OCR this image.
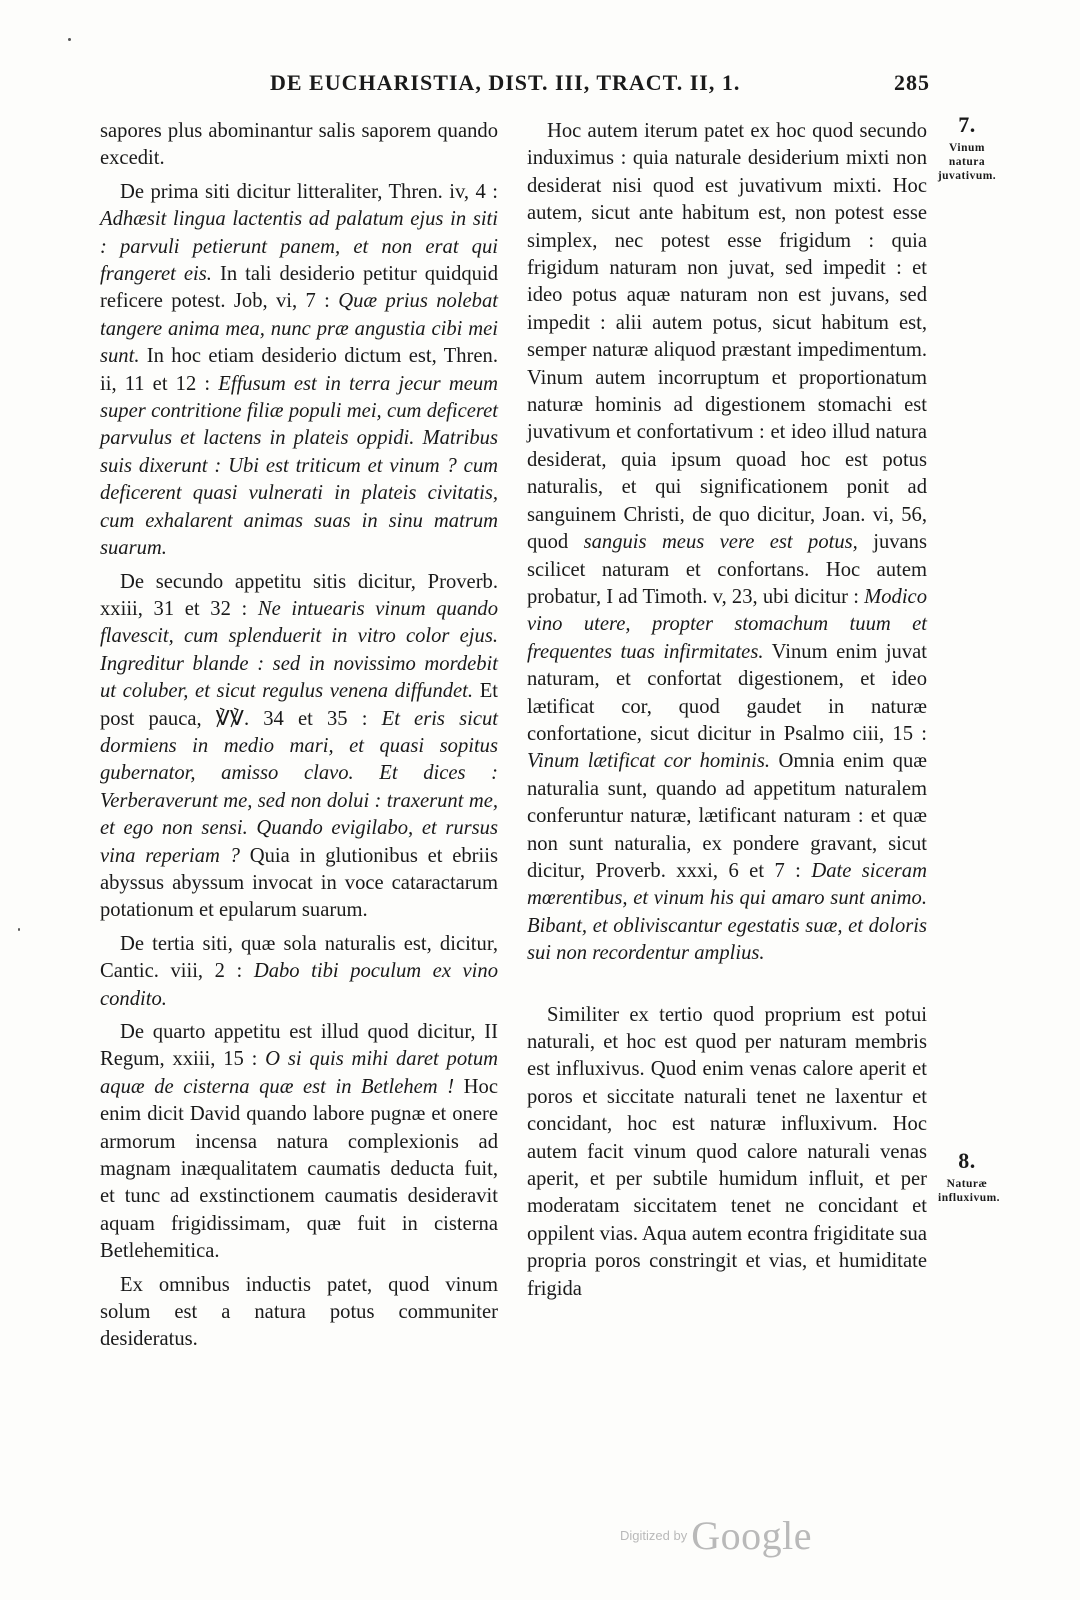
DE EUCHARISTIA, DIST. III, TRACT. II, 1.	285

sapores plus abominantur salis saporem quando excedit.

De prima siti dicitur litteraliter, Thren. iv, 4 : Adhæsit lingua lactentis ad palatum ejus in siti : parvuli petierunt panem, et non erat qui frangeret eis. In tali desiderio petitur quidquid reficere potest. Job, vi, 7 : Quæ prius nolebat tangere anima mea, nunc præ angustia cibi mei sunt. In hoc etiam desiderio dictum est, Thren. ii, 11 et 12 : Effusum est in terra jecur meum super contritione filiæ populi mei, cum deficeret parvulus et lactens in plateis oppidi. Matribus suis dixerunt : Ubi est triticum et vinum ? cum deficerent quasi vulnerati in plateis civitatis, cum exhalarent animas suas in sinu matrum suarum.

De secundo appetitu sitis dicitur, Proverb. xxiii, 31 et 32 : Ne intuearis vinum quando flavescit, cum splenduerit in vitro color ejus. Ingreditur blande : sed in novissimo mordebit ut coluber, et sicut regulus venena diffundet. Et post pauca, ℣℣. 34 et 35 : Et eris sicut dormiens in medio mari, et quasi sopitus gubernator, amisso clavo. Et dices : Verberaverunt me, sed non dolui : traxerunt me, et ego non sensi. Quando evigilabo, et rursus vina reperiam ? Quia in glutionibus et ebriis abyssus abyssum invocat in voce cataractarum potationum et epularum suarum.

De tertia siti, quæ sola naturalis est, dicitur, Cantic. viii, 2 : Dabo tibi poculum ex vino condito.

De quarto appetitu est illud quod dicitur, II Regum, xxiii, 15 : O si quis mihi daret potum aquæ de cisterna quæ est in Betlehem ! Hoc enim dicit David quando labore pugnæ et onere armorum incensa natura complexionis ad magnam inæqualitatem caumatis deducta fuit, et tunc ad exstinctionem caumatis desideravit aquam frigidissimam, quæ fuit in cisterna Betlehemitica.

Ex omnibus inductis patet, quod vinum solum est a natura potus communiter desideratus.

Hoc autem iterum patet ex hoc quod secundo induximus : quia naturale desiderium mixti non desiderat nisi quod est juvativum mixti. Hoc autem, sicut ante habitum est, non potest esse simplex, nec potest esse frigidum : quia frigidum naturam non juvat, sed impedit : et ideo potus aquæ naturam non est juvans, sed impedit : alii autem potus, sicut habitum est, semper naturæ aliquod præstant impedimentum. Vinum autem incorruptum et proportionatum naturæ hominis ad digestionem stomachi est juvativum et confortativum : et ideo illud natura desiderat, quia ipsum quoad hoc est potus naturalis, et qui significationem ponit ad sanguinem Christi, de quo dicitur, Joan. vi, 56, quod sanguis meus vere est potus, juvans scilicet naturam et confortans. Hoc autem probatur, I ad Timoth. v, 23, ubi dicitur : Modico vino utere, propter stomachum tuum et frequentes tuas infirmitates. Vinum enim juvat naturam, et confortat digestionem, et ideo lætificat cor, quod gaudet in naturæ confortatione, sicut dicitur in Psalmo ciii, 15 : Vinum lætificat cor hominis. Omnia enim quæ naturalia sunt, quando ad appetitum naturalem conferuntur naturæ, lætificant naturam : et quæ non sunt naturalia, ex pondere gravant, sicut dicitur, Proverb. xxxi, 6 et 7 : Date siceram mœrentibus, et vinum his qui amaro sunt animo. Bibant, et obliviscantur egestatis suæ, et doloris sui non recordentur amplius.

Similiter ex tertio quod proprium est potui naturali, et hoc est quod per naturam membris est influxivus. Quod enim venas calore aperit et poros et siccitate naturali tenet ne laxentur et concidant, hoc est naturæ influxivum. Hoc autem facit vinum quod calore naturali venas aperit, et per subtile humidum influit, et per moderatam siccitatem tenet ne concidant et oppilent vias. Aqua autem econtra frigiditate sua propria poros constringit et vias, et humiditate frigida

7.
Vinum natura juvativum.
8.
Naturæ influxivum.
Digitized by Google
